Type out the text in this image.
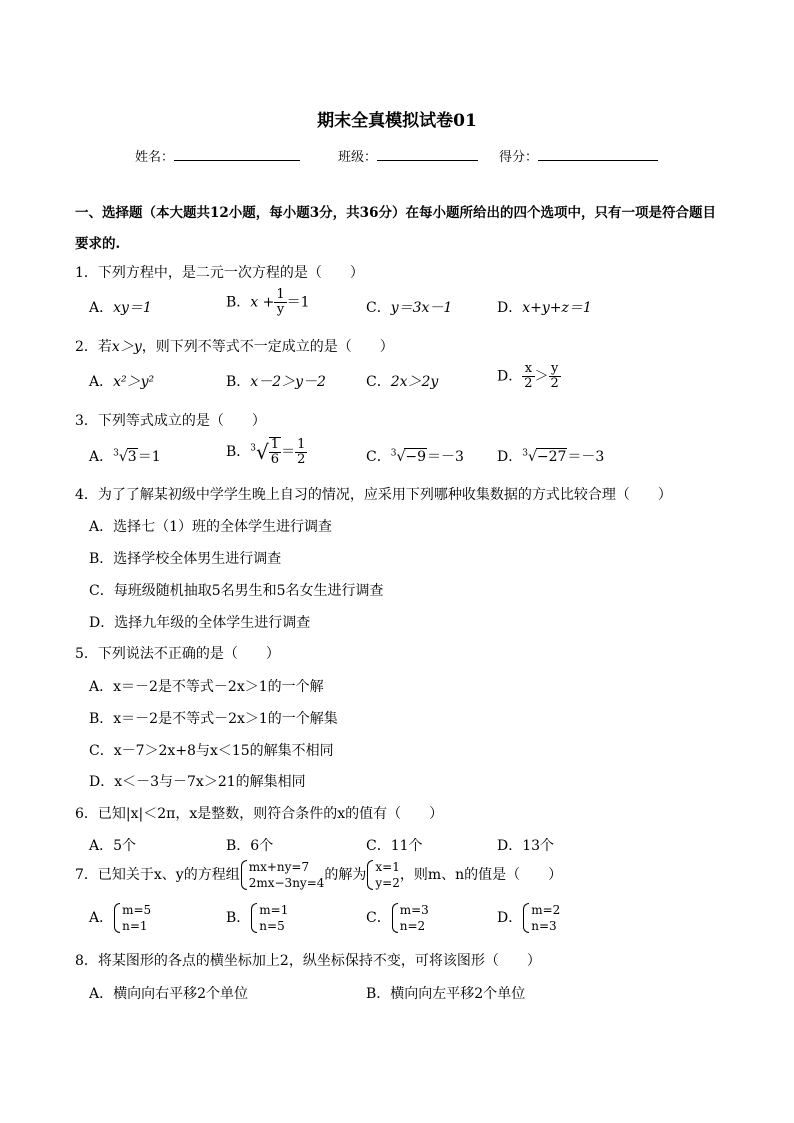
期末全真模拟试卷01
姓名：	班级：	得分：
一、选择题（本大题共12小题，每小题3分，共36分）在每小题所给出的四个选项中，只有一项是符合题目要求的.
1．下列方程中，是二元一次方程的是（　　）
A．xy＝1	B．$x + \frac{1}{y} =1$	C．y＝3x－1	D．x+y+z＝1
2．若x＞y，则下列不等式不一定成立的是（　　）
A．x²＞y²	B．x－2＞y－2	C．2x＞2y	D． $\frac{x}{2} > \frac{y}{2}$
3．下列等式成立的是（　　）
A．$^3$√3＝1	B．$^3√ \frac{1}{6} = \frac{1}{2}$	C．$^3$√−9＝－3 D．$^3$√−27＝－3
4．为了了解某初级中学学生晚上自习的情况，应采用下列哪种收集数据的方式比较合理（　　）
A．选择七（1）班的全体学生进行调查
B．选择学校全体男生进行调查
C．每班级随机抽取5名男生和5名女生进行调查
D．选择九年级的全体学生进行调查
5．下列说法不正确的是（　　）
A．x＝－2是不等式－2x＞1的一个解
B．x＝－2是不等式－2x＞1的一个解集
C．x－7＞2x+8与x＜15的解集不相同
D．x＜－3与－7x＞21的解集相同
6．已知|x|＜2π，x是整数，则符合条件的x的值有（　　）
A．5个	B．6个	C．11个	D．13个
7．已知关于x、y的方程组 mx+ny=7
2mx−3ny=4 的解为 x=1
y=2 ，则m、n的值是（　　）
A． m=5
n=1	B． m=1
n=5	C． m=3
n=2	D． m=2
n=3
8．将某图形的各点的横坐标加上2，纵坐标保持不变，可将该图形（　　）
A．横向向右平移2个单位	B．横向向左平移2个单位
